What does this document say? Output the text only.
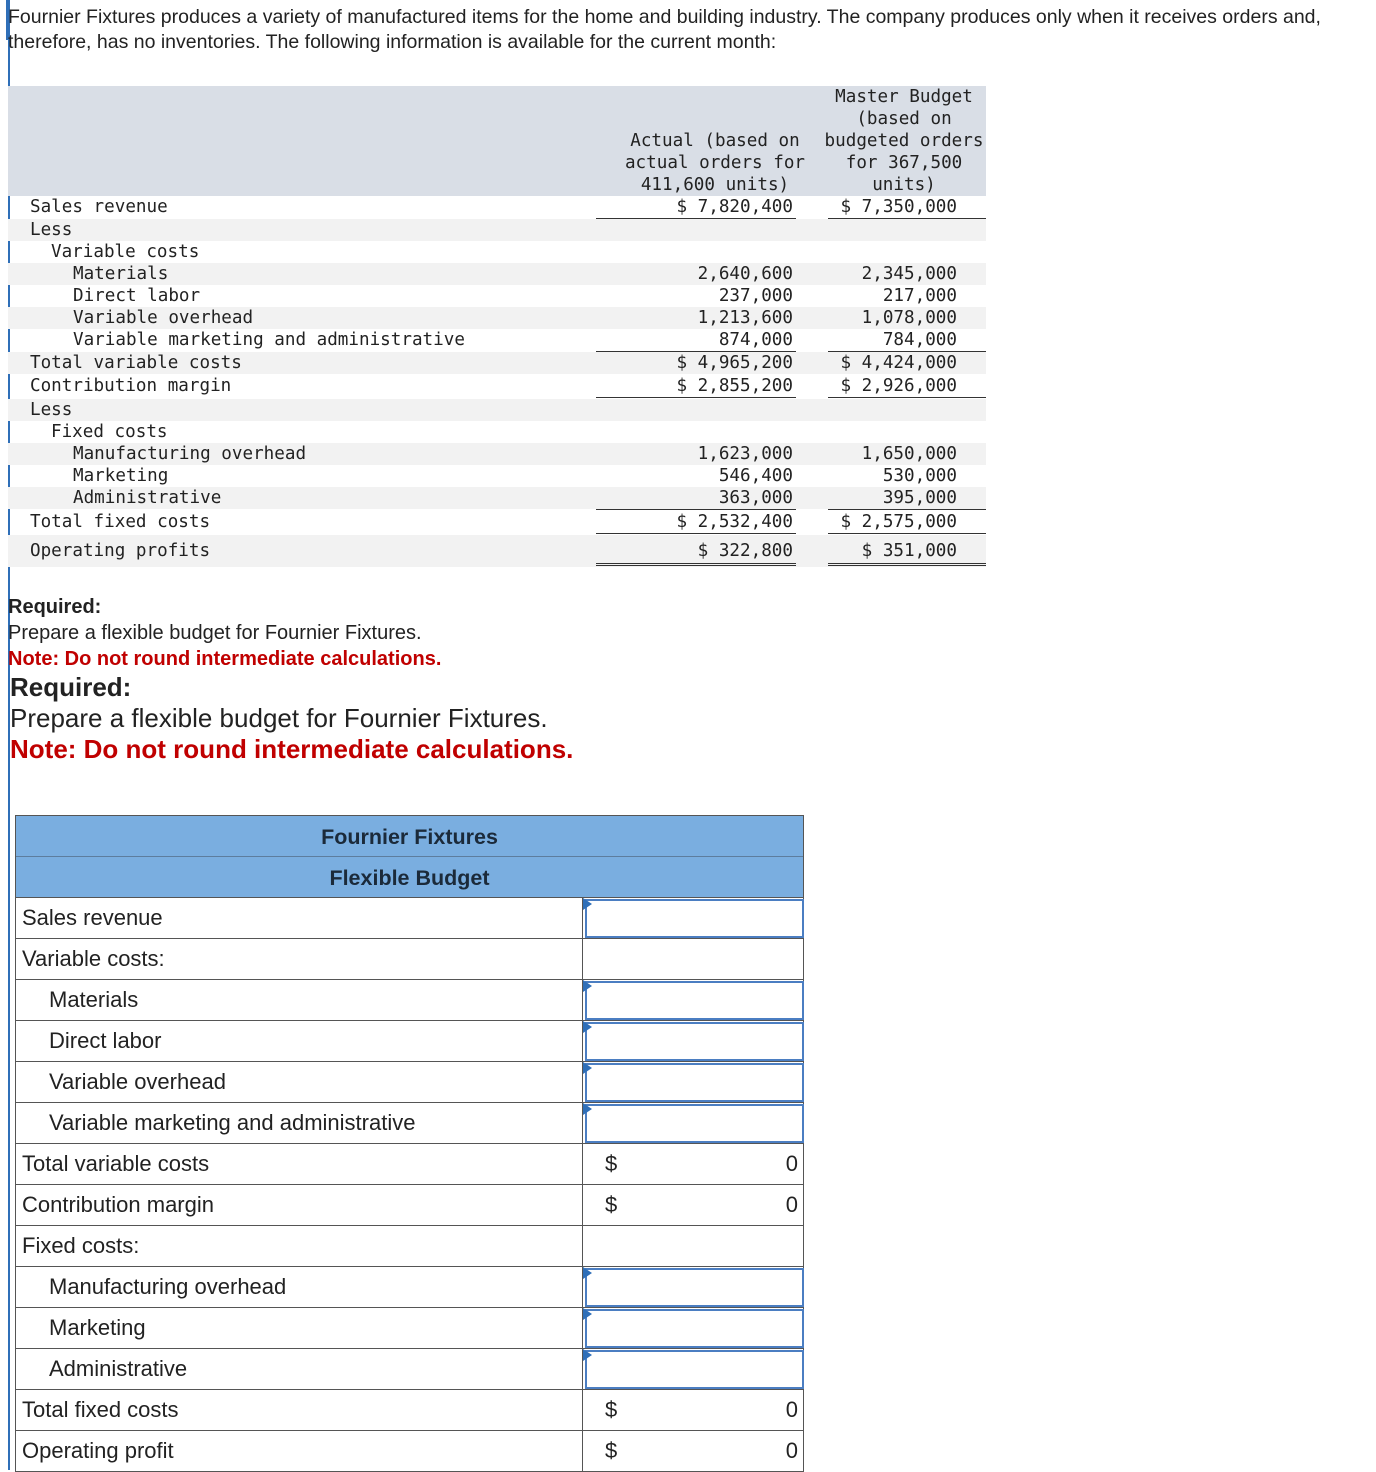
Fournier Fixtures produces a variety of manufactured items for the home and building industry. The company produces only when it receives orders and, therefore, has no inventories. The following information is available for the current month:
Actual (based on
actual orders for
411,600 units)
Master Budget
(based on
budgeted orders
for 367,500
units)
Sales revenue	$ 7,820,400	$ 7,350,000
Less
Variable costs
Materials	2,640,600	2,345,000
Direct labor	237,000	217,000
Variable overhead	1,213,600	1,078,000
Variable marketing and administrative	874,000	784,000
Total variable costs	$ 4,965,200	$ 4,424,000
Contribution margin	$ 2,855,200	$ 2,926,000
Less
Fixed costs
Manufacturing overhead	1,623,000	1,650,000
Marketing	546,400	530,000
Administrative	363,000	395,000
Total fixed costs	$ 2,532,400	$ 2,575,000
Operating profits	$ 322,800	$ 351,000
Required:
Prepare a flexible budget for Fournier Fixtures.
Note: Do not round intermediate calculations.
Required:
Prepare a flexible budget for Fournier Fixtures.
Note: Do not round intermediate calculations.
Fournier Fixtures
Flexible Budget
Sales revenue
Variable costs:
Materials
Direct labor
Variable overhead
Variable marketing and administrative
Total variable costs	$	0
Contribution margin	$	0
Fixed costs:
Manufacturing overhead
Marketing
Administrative
Total fixed costs	$	0
Operating profit	$	0
